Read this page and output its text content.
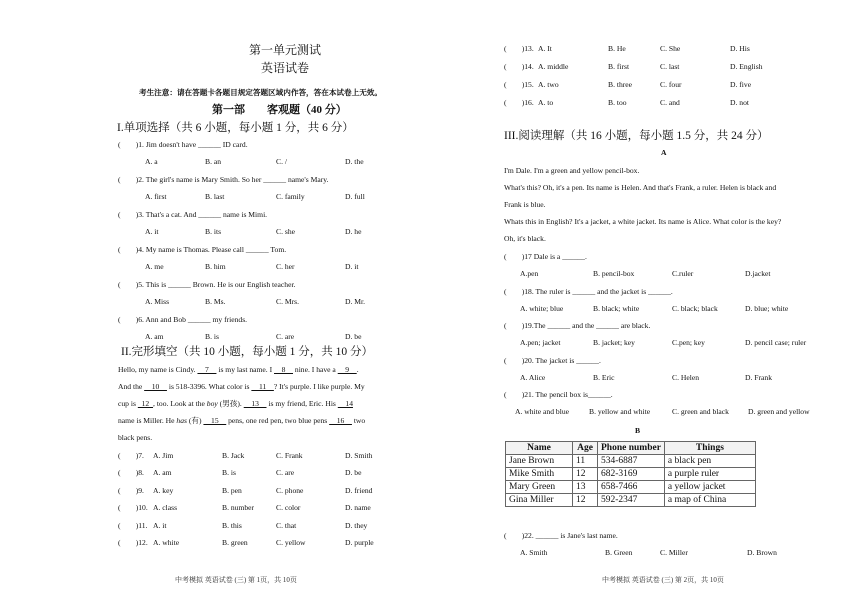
第一单元测试
英语试卷
考生注意：请在答题卡各题目规定答题区域内作答，答在本试卷上无效。
第一部　　客观题（40 分）
I.单项选择（共 6 小题，每小题 1 分，共 6 分）
(　　)1. Jim doesn't have ______ ID card.
A. a	B. an	C. /	D. the
(　　)2. The girl's name is Mary Smith. So her ______ name's Mary.
A. first	B. last	C. family	D. full
(　　)3. That's a cat. And ______ name is Mimi.
A. it	B. its	C. she	D. he
(　　)4. My name is Thomas. Please call ______ Tom.
A. me	B. him	C. her	D. it
(　　)5. This is ______ Brown. He is our English teacher.
A. Miss	B. Ms.	C. Mrs.	D. Mr.
(　　)6. Ann and Bob ______ my friends.
A. am	B. is	C. are	D. be
II.完形填空（共 10 小题，每小题 1 分，共 10 分）
Hello, my name is Cindy.     7     is my last name. I     8     nine. I have a     9    .
And the     10     is 518-3396. What color is     11    ? It's purple. I like purple. My
cup is   12  , too. Look at the boy (男孩).     13     is my friend, Eric. His     14
name is Miller. He has (有)     15     pens, one red pen, two blue pens     16     two
black pens.
(　　)7. A. Jim	B. Jack	C. Frank	D. Smith
(　　)8. A. am	B. is	C. are	D. be
(　　)9. A. key	B. pen	C. phone	D. friend
(　　)10. A. class	B. number	C. color	D. name
(　　)11. A. it	B. this	C. that	D. they
(　　)12. A. white	B. green	C. yellow	D. purple
中考模拟 英语试卷 (三) 第 1页，共 10页
(　　)13. A. It	B. He	C. She	D. His
(　　)14. A. middle	B. first	C. last	D. English
(　　)15. A. two	B. three	C. four	D. five
(　　)16. A. to	B. too	C. and	D. not
III.阅读理解（共 16 小题，每小题 1.5 分，共 24 分）
A
I'm Dale. I'm a green and yellow pencil-box.
What's this? Oh, it's a pen. Its name is Helen. And that's Frank, a ruler. Helen is black and
Frank is blue.
Whats this in English? It's a jacket, a white jacket. Its name is Alice. What color is the key?
Oh, it's black.
(　　)17 Dale is a ______.
A.pen	B. pencil-box	C.ruler	D.jacket
(　　)18. The ruler is ______ and the jacket is ______.
A. white; blue	B. black; white	C. black; black	D. blue; white
(　　)19.The ______ and the ______ are black.
A.pen; jacket	B. jacket; key	C.pen; key	D. pencil case; ruler
(　　)20. The jacket is ______.
A. Alice	B. Eric	C. Helen	D. Frank
(　　)21. The pencil box is______.
A. white and blue	B. yellow and white	C. green and black	D. green and yellow
B
Name	Age	Phone number	Things
Jane Brown	11	534-6887	a black pen
Mike Smith	12	682-3169	a purple ruler
Mary Green	13	658-7466	a yellow jacket
Gina Miller	12	592-2347	a map of China
(　　)22. ______ is Jane's last name.
A. Smith	B. Green	C. Miller	D. Brown
中考模拟 英语试卷 (三) 第 2页，共 10页
